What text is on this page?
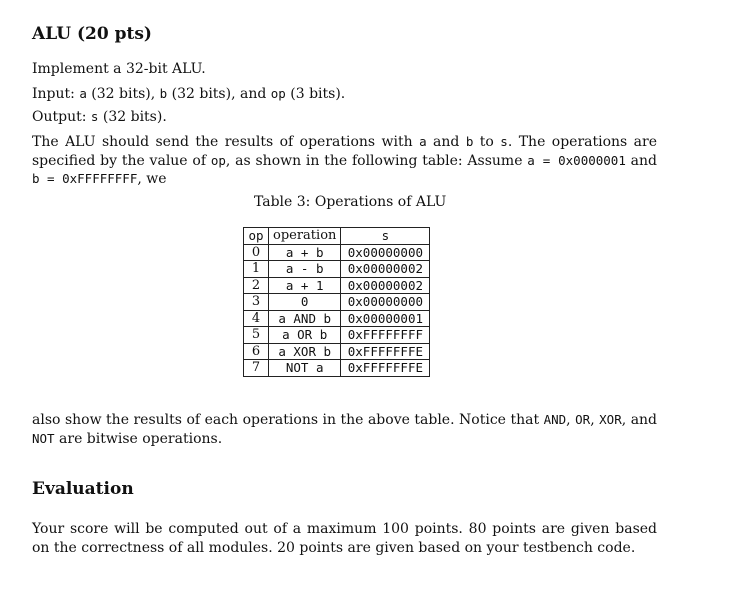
ALU (20 pts)

Implement a 32-bit ALU.

Input: a (32 bits), b (32 bits), and op (3 bits).

Output: s (32 bits).

The ALU should send the results of operations with a and b to s. The operations are specified by the value of op, as shown in the following table: Assume a = 0x0000001 and b = 0xFFFFFFFF, we

Table 3: Operations of ALU

op	operation	s
0	a + b	0x00000000
1	a - b	0x00000002
2	a + 1	0x00000002
3	0	0x00000000
4	a AND b	0x00000001
5	a OR b	0xFFFFFFFF
6	a XOR b	0xFFFFFFFE
7	NOT a	0xFFFFFFFE

also show the results of each operations in the above table. Notice that AND, OR, XOR, and NOT are bitwise operations.

Evaluation

Your score will be computed out of a maximum 100 points. 80 points are given based on the correctness of all modules. 20 points are given based on your testbench code.
